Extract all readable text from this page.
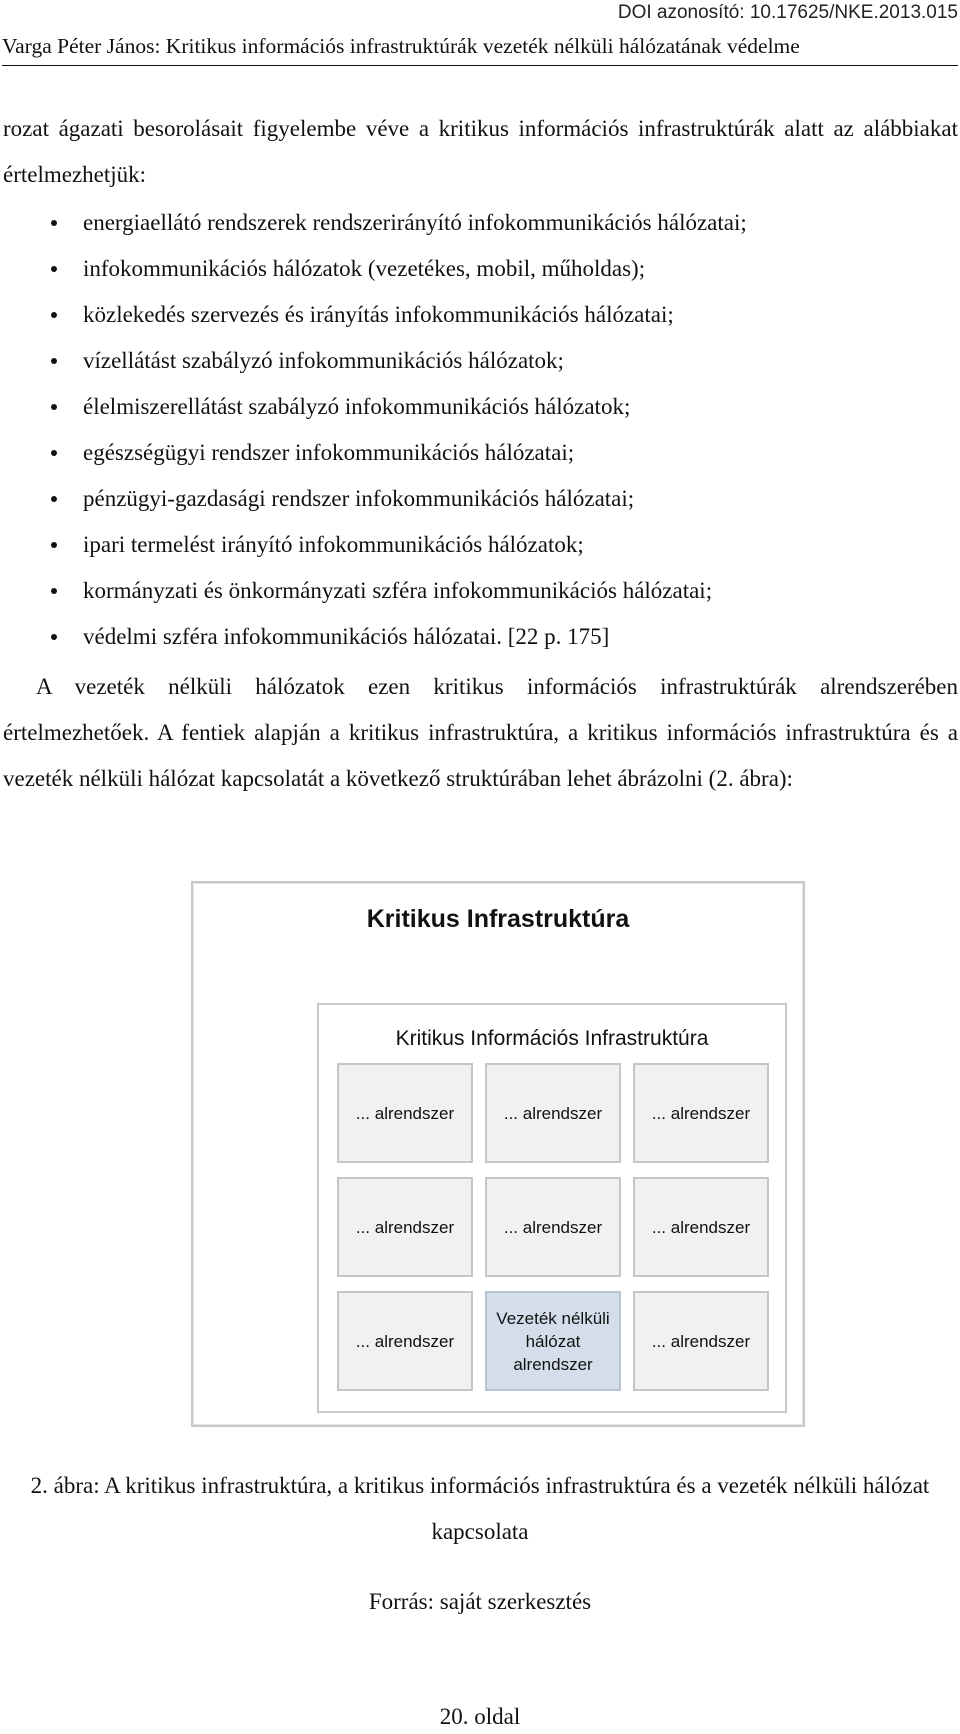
DOI azonosító: 10.17625/NKE.2013.015
Varga Péter János: Kritikus információs infrastruktúrák vezeték nélküli hálózatának védelme

rozat ágazati besorolásait figyelembe véve a kritikus információs infrastruktúrák alatt az alábbiakat értelmezhetjük:

energiaellátó rendszerek rendszerirányító infokommunikációs hálózatai;
infokommunikációs hálózatok (vezetékes, mobil, műholdas);
közlekedés szervezés és irányítás infokommunikációs hálózatai;
vízellátást szabályzó infokommunikációs hálózatok;
élelmiszerellátást szabályzó infokommunikációs hálózatok;
egészségügyi rendszer infokommunikációs hálózatai;
pénzügyi-gazdasági rendszer infokommunikációs hálózatai;
ipari termelést irányító infokommunikációs hálózatok;
kormányzati és önkormányzati szféra infokommunikációs hálózatai;
védelmi szféra infokommunikációs hálózatai. [22 p. 175]

A vezeték nélküli hálózatok ezen kritikus információs infrastruktúrák alrendszerében értelmezhetőek. A fentiek alapján a kritikus infrastruktúra, a kritikus információs infrastruktúra és a vezeték nélküli hálózat kapcsolatát a következő struktúrában lehet ábrázolni (2. ábra):

Kritikus Infrastruktúra
Kritikus Információs Infrastruktúra
... alrendszer	... alrendszer	... alrendszer
... alrendszer	... alrendszer	... alrendszer
... alrendszer
Vezeték nélküli hálózat alrendszer
... alrendszer

2. ábra: A kritikus infrastruktúra, a kritikus információs infrastruktúra és a vezeték nélküli hálózat kapcsolata

Forrás: saját szerkesztés

20. oldal
